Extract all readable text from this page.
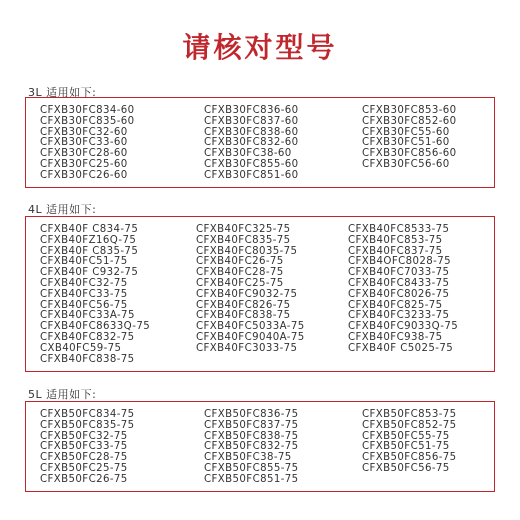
请核对型号
3L 适用如下:
CFXB30FC834-60
CFXB30FC835-60
CFXB30FC32-60
CFXB30FC33-60
CFXB30FC28-60
CFXB30FC25-60
CFXB30FC26-60
CFXB30FC836-60
CFXB30FC837-60
CFXB30FC838-60
CFXB30FC832-60
CFXB30FC38-60
CFXB30FC855-60
CFXB30FC851-60
CFXB30FC853-60
CFXB30FC852-60
CFXB30FC55-60
CFXB30FC51-60
CFXB30FC856-60
CFXB30FC56-60
4L 适用如下:
CFXB40F C834-75
CFXB40FZ16Q-75
CFXB40F C835-75
CFXB40FC51-75
CFXB40F C932-75
CFXB40FC32-75
CFXB40FC33-75
CFXB40FC56-75
CFXB40FC33A-75
CFXB40FC8633Q-75
CFXB40FC832-75
CXB40FC59-75
CFXB40FC838-75
CFXB40FC325-75
CFXB40FC835-75
CFXB40FC8035-75
CFXB40FC26-75
CFXB40FC28-75
CFXB40FC25-75
CFXB40FC9032-75
CFXB40FC826-75
CFXB40FC838-75
CFXB40FC5033A-75
CFXB40FC9040A-75
CFXB40FC3033-75
CFXB40FC8533-75
CFXB40FC853-75
CFXB40FC837-75
CFXB4OFC8028-75
CFXB40FC7033-75
CFXB40FC8433-75
CFXB40FC8026-75
CFXB40FC825-75
CFXB40FC3233-75
CFXB40FC9033Q-75
CFXB40FC938-75
CFXB40F C5025-75
5L 适用如下:
CFXB50FC834-75
CFXB50FC835-75
CFXB50FC32-75
CFXB50FC33-75
CFXB50FC28-75
CFXB50FC25-75
CFXB50FC26-75
CFXB50FC836-75
CFXB50FC837-75
CFXB50FC838-75
CFXB50FC832-75
CFXB50FC38-75
CFXB50FC855-75
CFXB50FC851-75
CFXB50FC853-75
CFXB50FC852-75
CFXB50FC55-75
CFXB50FC51-75
CFXB50FC856-75
CFXB50FC56-75
